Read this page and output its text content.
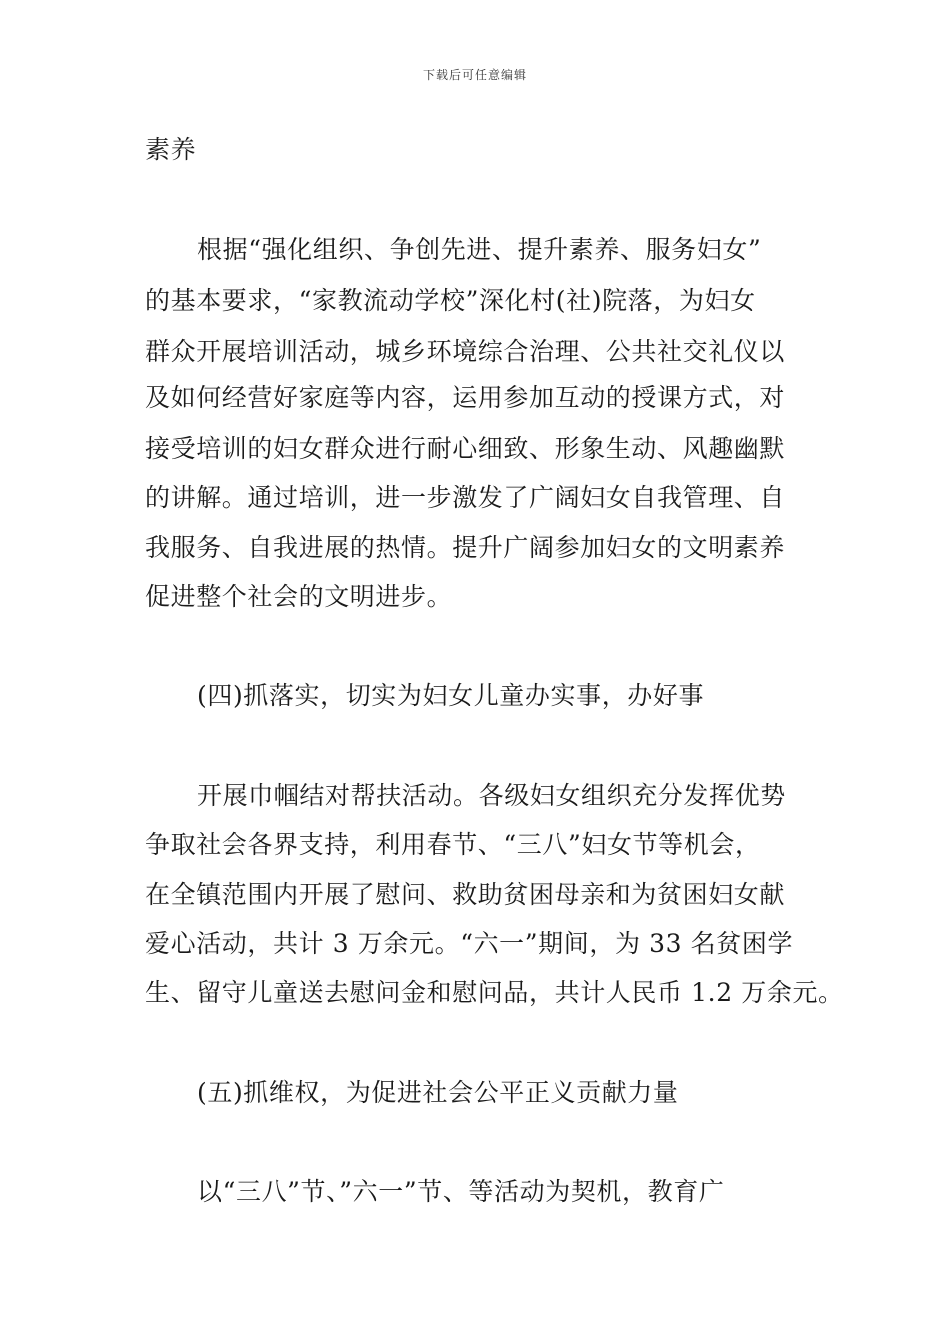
下载后可任意编辑
素养
根据“强化组织、争创先进、提升素养、服务妇女”
的基本要求，“家教流动学校”深化村(社)院落，为妇女
群众开展培训活动，城乡环境综合治理、公共社交礼仪以
及如何经营好家庭等内容，运用参加互动的授课方式，对
接受培训的妇女群众进行耐心细致、形象生动、风趣幽默
的讲解。通过培训，进一步激发了广阔妇女自我管理、自
我服务、自我进展的热情。提升广阔参加妇女的文明素养
促进整个社会的文明进步。
(四)抓落实，切实为妇女儿童办实事，办好事
开展巾帼结对帮扶活动。各级妇女组织充分发挥优势
争取社会各界支持，利用春节、“三八”妇女节等机会，
在全镇范围内开展了慰问、救助贫困母亲和为贫困妇女献
爱心活动，共计 3 万余元。“六一”期间，为 33 名贫困学
生、留守儿童送去慰问金和慰问品，共计人民币 1.2 万余元。
(五)抓维权，为促进社会公平正义贡献力量
以“三八”节、”六一”节、等活动为契机，教育广
